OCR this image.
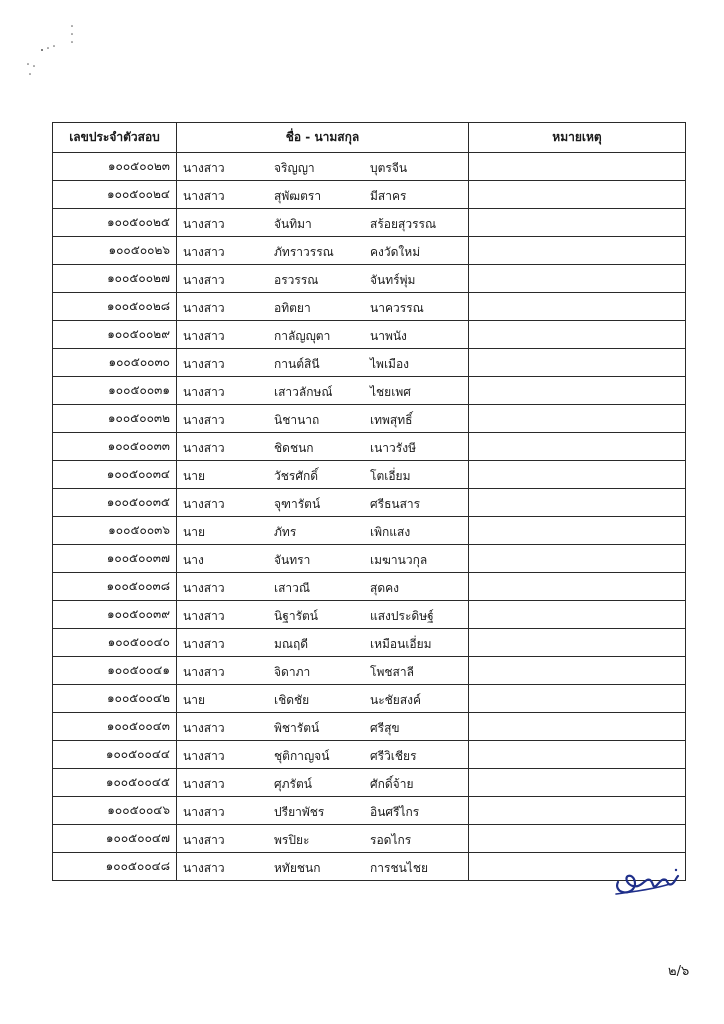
เลขประจำตัวสอบ	ชื่อ - นามสกุล	หมายเหตุ
๑๐๐๕๐๐๒๓	นางสาว จริญญา บุตรจีน	

๑๐๐๕๐๐๒๔	นางสาว สุพัฒตรา มีสาคร	

๑๐๐๕๐๐๒๕	นางสาว จันทิมา สร้อยสุวรรณ	

๑๐๐๕๐๐๒๖	นางสาว ภัทราวรรณ คงวัดใหม่	

๑๐๐๕๐๐๒๗	นางสาว อรวรรณ จันทร์พุ่ม	

๑๐๐๕๐๐๒๘	นางสาว อทิตยา นาควรรณ	

๑๐๐๕๐๐๒๙	นางสาว กาลัญญุตา นาพนัง	

๑๐๐๕๐๐๓๐	นางสาว กานต์สินี ไพเมือง	

๑๐๐๕๐๐๓๑	นางสาว เสาวลักษณ์ ไชยเพศ	

๑๐๐๕๐๐๓๒	นางสาว นิชานาถ เทพสุทธิ์	

๑๐๐๕๐๐๓๓	นางสาว ชิดชนก เนาวรังษี	

๑๐๐๕๐๐๓๔	นาย วัชรศักดิ์ โตเอี่ยม	

๑๐๐๕๐๐๓๕	นางสาว จุฑารัตน์ ศรีธนสาร	

๑๐๐๕๐๐๓๖	นาย ภัทร เพิกแสง	

๑๐๐๕๐๐๓๗	นาง จันทรา เมฆานวกุล	

๑๐๐๕๐๐๓๘	นางสาว เสาวณี สุดคง	

๑๐๐๕๐๐๓๙	นางสาว นิฐารัตน์ แสงประดิษฐ์	

๑๐๐๕๐๐๔๐	นางสาว มณฤดี เหมือนเอี่ยม	

๑๐๐๕๐๐๔๑	นางสาว จิดาภา โพชสาลี	

๑๐๐๕๐๐๔๒	นาย เชิดชัย นะชัยสงค์	

๑๐๐๕๐๐๔๓	นางสาว พิชารัตน์ ศรีสุข	

๑๐๐๕๐๐๔๔	นางสาว ชุติกาญจน์ ศรีวิเชียร	

๑๐๐๕๐๐๔๕	นางสาว ศุภรัตน์ ศักดิ์จ้าย	

๑๐๐๕๐๐๔๖	นางสาว ปรียาพัชร อินศรีไกร	

๑๐๐๕๐๐๔๗	นางสาว พรปิยะ รอดไกร	

๑๐๐๕๐๐๔๘	นางสาว หทัยชนก การชนไชย	

๒/๖
